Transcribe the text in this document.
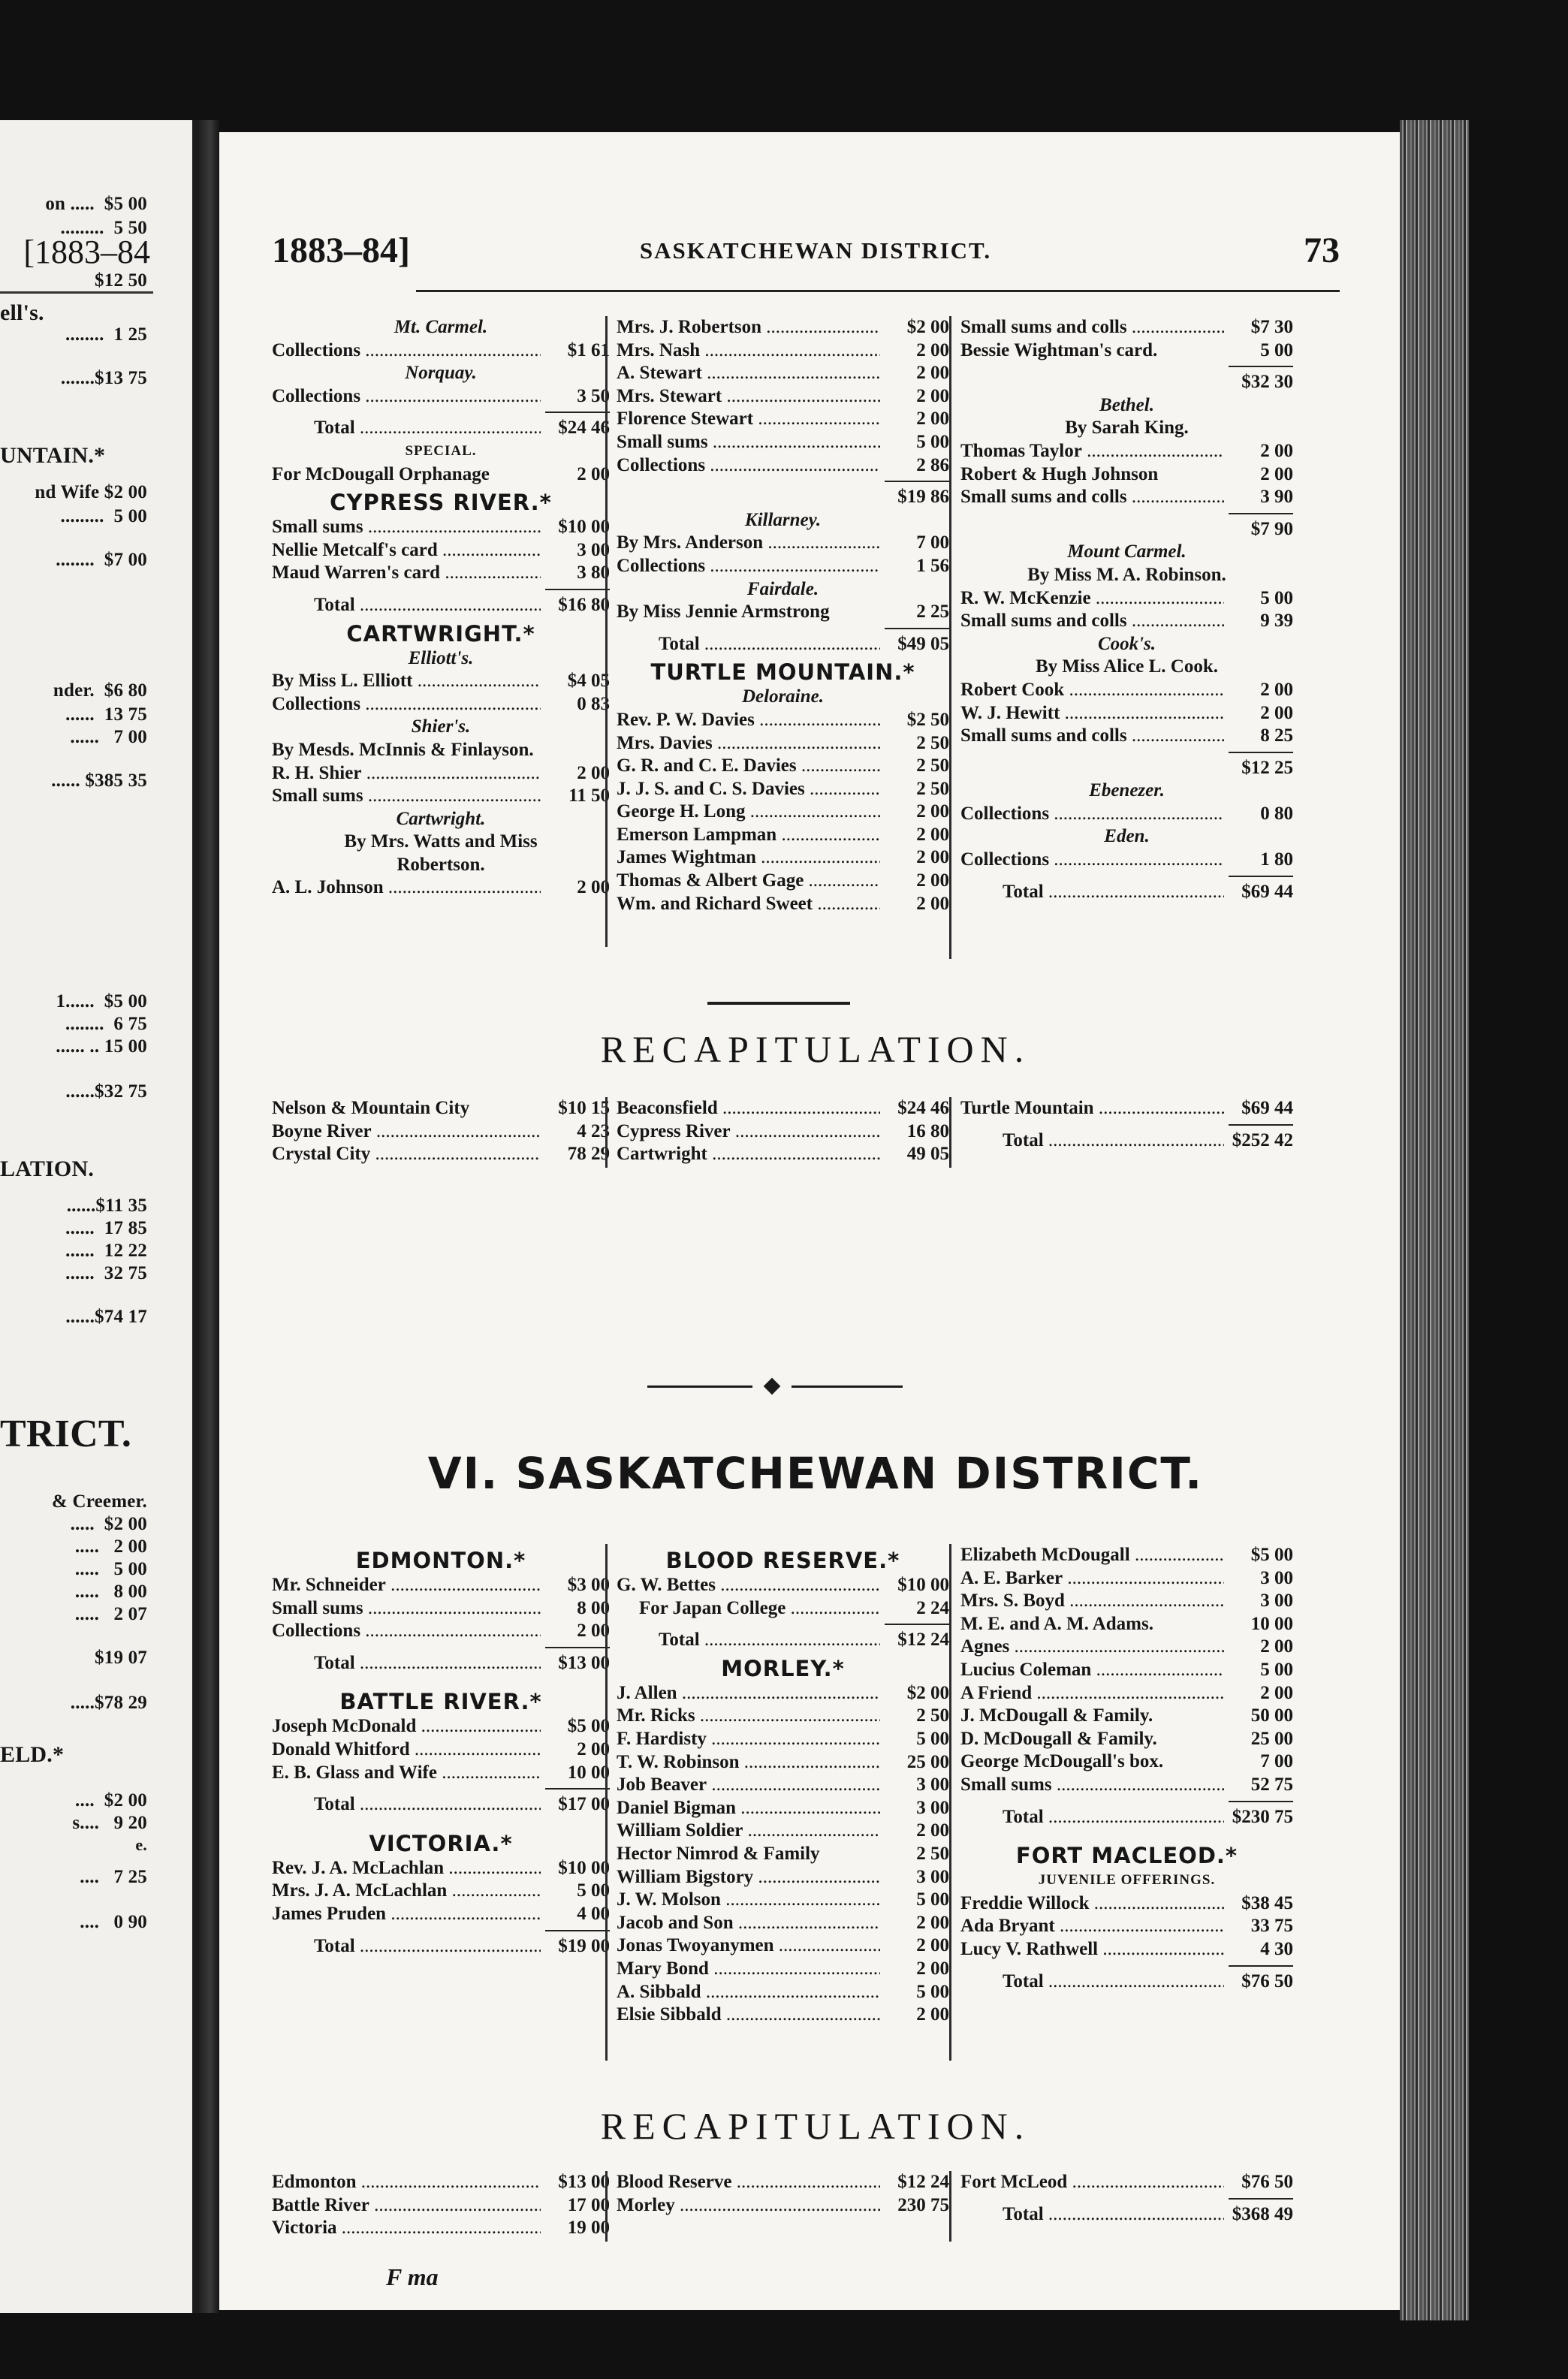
[1883–84
on .....  $5 00
.........  5 50
$12 50
ell's.
........  1 25
.......$13 75
UNTAIN.*
nd Wife $2 00
.........  5 00
........  $7 00
nder.  $6 80
......  13 75
......   7 00
...... $385 35
1......  $5 00
........  6 75
...... .. 15 00
......$32 75
LATION.
......$11 35
......  17 85
......  12 22
......  32 75
......$74 17
TRICT.
& Creemer.
.....  $2 00
.....   2 00
.....   5 00
.....   8 00
.....   2 07
$19 07
.....$78 29
ELD.*
....  $2 00
s....   9 20
e.
....   7 25
....   0 90
1883–84]	SASKATCHEWAN DISTRICT.	73
Mt. Carmel.
Collections .....	$1 61
Norquay.
Collections .....	3 50
Total .....	$24 46
SPECIAL.
For McDougall Orphanage	2 00
CYPRESS RIVER.*
Small sums .....	$10 00
Nellie Metcalf's card .....	3 00
Maud Warren's card .....	3 80
Total .....	$16 80
CARTWRIGHT.*
Elliott's.
By Miss L. Elliott .....	$4 05
Collections .....	0 83
Shier's.
By Mesds. McInnis & Finlayson.
R. H. Shier .....	2 00
Small sums .....	11 50
Cartwright.
By Mrs. Watts and Miss
Robertson.
A. L. Johnson .....	2 00
Mrs. J. Robertson .....	$2 00
Mrs. Nash .....	2 00
A. Stewart .....	2 00
Mrs. Stewart .....	2 00
Florence Stewart .....	2 00
Small sums .....	5 00
Collections .....	2 86
$19 86
Killarney.
By Mrs. Anderson .....	7 00
Collections .....	1 56
Fairdale.
By Miss Jennie Armstrong	2 25
Total .....	$49 05
TURTLE MOUNTAIN.*
Deloraine.
Rev. P. W. Davies .....	$2 50
Mrs. Davies .....	2 50
G. R. and C. E. Davies .....	2 50
J. J. S. and C. S. Davies .....	2 50
George H. Long .....	2 00
Emerson Lampman .....	2 00
James Wightman .....	2 00
Thomas & Albert Gage .....	2 00
Wm. and Richard Sweet .....	2 00
Small sums and colls .....	$7 30
Bessie Wightman's card.	5 00
$32 30
Bethel.
By Sarah King.
Thomas Taylor .....	2 00
Robert & Hugh Johnson	2 00
Small sums and colls .....	3 90
$7 90
Mount Carmel.
By Miss M. A. Robinson.
R. W. McKenzie .....	5 00
Small sums and colls .....	9 39
Cook's.
By Miss Alice L. Cook.
Robert Cook .....	2 00
W. J. Hewitt .....	2 00
Small sums and colls .....	8 25
$12 25
Ebenezer.
Collections .....	0 80
Eden.
Collections .....	1 80
Total .....	$69 44
RECAPITULATION.
Nelson & Mountain City	$10 15
Boyne River .....	4 23
Crystal City .....	78 29
Beaconsfield .....	$24 46
Cypress River .....	16 80
Cartwright .....	49 05
Turtle Mountain .....	$69 44
Total .....	$252 42
VI. SASKATCHEWAN DISTRICT.
EDMONTON.*
Mr. Schneider .....	$3 00
Small sums .....	8 00
Collections .....	2 00
Total .....	$13 00
BATTLE RIVER.*
Joseph McDonald .....	$5 00
Donald Whitford .....	2 00
E. B. Glass and Wife .....	10 00
Total .....	$17 00
VICTORIA.*
Rev. J. A. McLachlan .....	$10 00
Mrs. J. A. McLachlan .....	5 00
James Pruden .....	4 00
Total .....	$19 00
BLOOD RESERVE.*
G. W. Bettes .....	$10 00
For Japan College .....	2 24
Total .....	$12 24
MORLEY.*
J. Allen .....	$2 00
Mr. Ricks .....	2 50
F. Hardisty .....	5 00
T. W. Robinson .....	25 00
Job Beaver .....	3 00
Daniel Bigman .....	3 00
William Soldier .....	2 00
Hector Nimrod & Family	2 50
William Bigstory .....	3 00
J. W. Molson .....	5 00
Jacob and Son .....	2 00
Jonas Twoyanymen .....	2 00
Mary Bond .....	2 00
A. Sibbald .....	5 00
Elsie Sibbald .....	2 00
Elizabeth McDougall .....	$5 00
A. E. Barker .....	3 00
Mrs. S. Boyd .....	3 00
M. E. and A. M. Adams.	10 00
Agnes .....	2 00
Lucius Coleman .....	5 00
A Friend .....	2 00
J. McDougall & Family.	50 00
D. McDougall & Family.	25 00
George McDougall's box.	7 00
Small sums .....	52 75
Total .....	$230 75
FORT MACLEOD.*
JUVENILE OFFERINGS.
Freddie Willock .....	$38 45
Ada Bryant .....	33 75
Lucy V. Rathwell .....	4 30
Total .....	$76 50
RECAPITULATION.
Edmonton .....	$13 00
Battle River .....	17 00
Victoria .....	19 00
Blood Reserve .....	$12 24
Morley .....	230 75
Fort McLeod .....	$76 50
Total .....	$368 49
F ma
